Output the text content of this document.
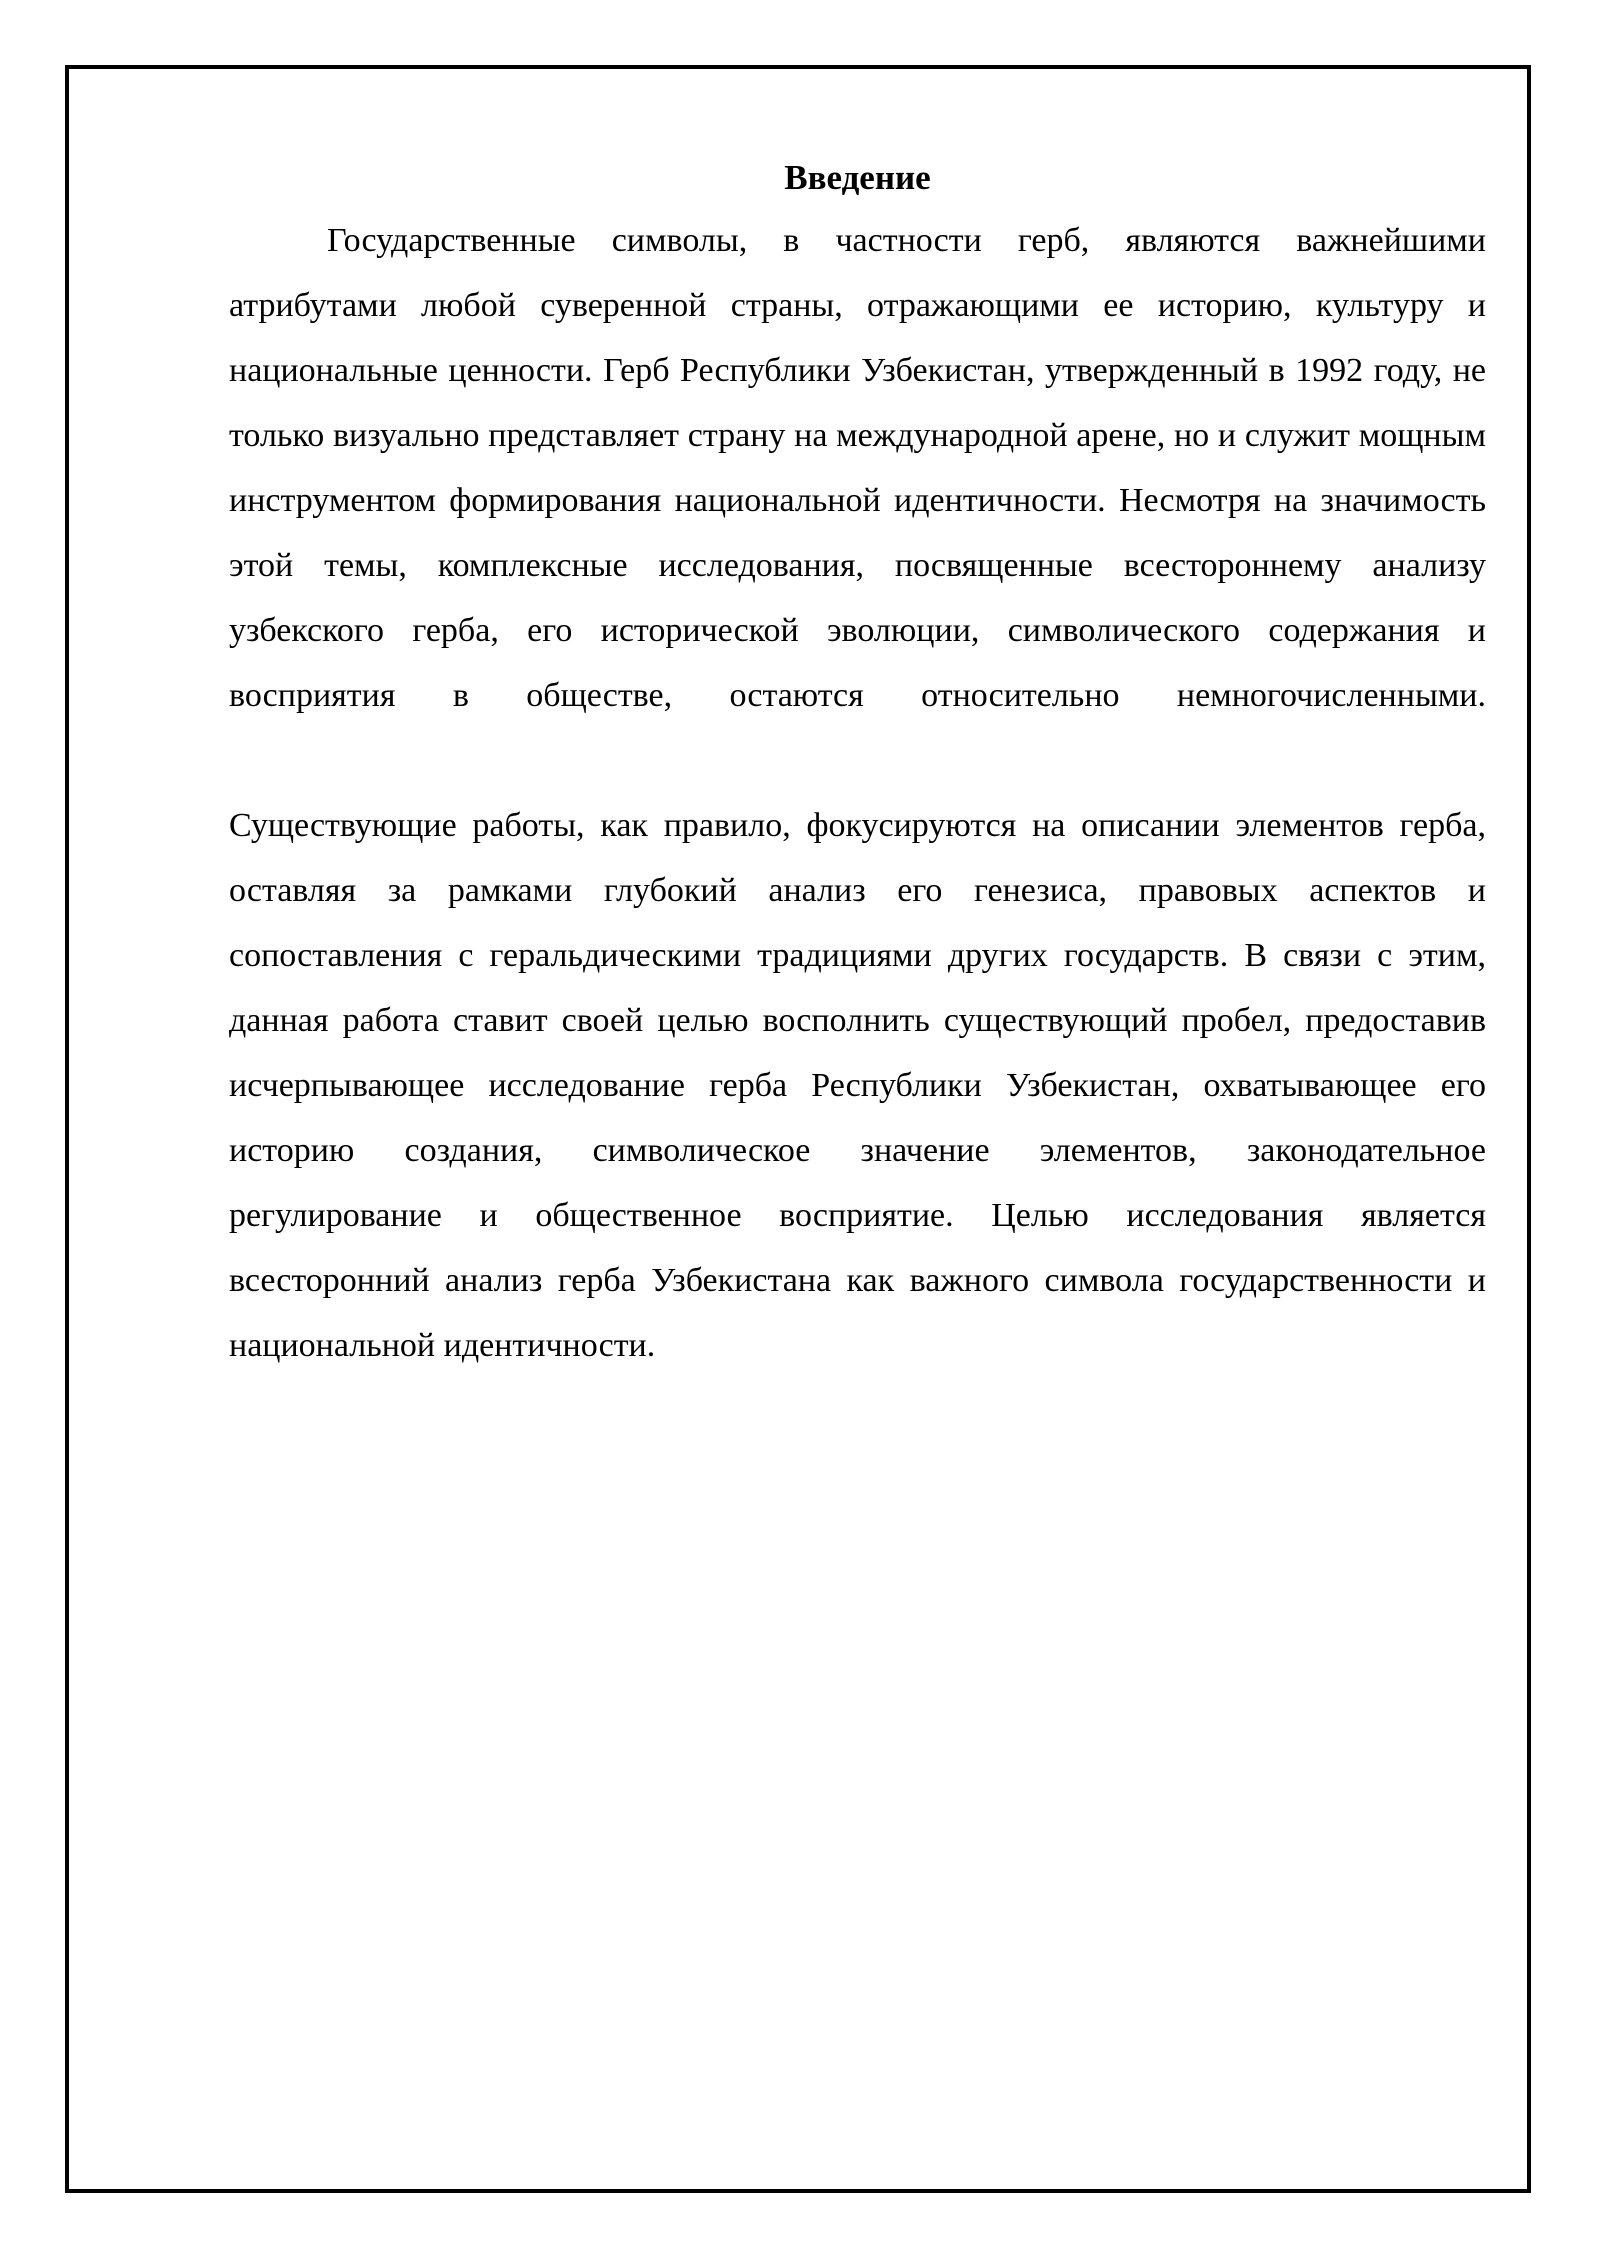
Введение

Государственные символы, в частности герб, являются важнейшими атрибутами любой суверенной страны, отражающими ее историю, культуру и национальные ценности. Герб Республики Узбекистан, утвержденный в 1992 году, не только визуально представляет страну на международной арене, но и служит мощным инструментом формирования национальной идентичности. Несмотря на значимость этой темы, комплексные исследования, посвященные всестороннему анализу узбекского герба, его исторической эволюции, символического содержания и восприятия в обществе, остаются относительно немногочисленными.

Существующие работы, как правило, фокусируются на описании элементов герба, оставляя за рамками глубокий анализ его генезиса, правовых аспектов и сопоставления с геральдическими традициями других государств. В связи с этим, данная работа ставит своей целью восполнить существующий пробел, предоставив исчерпывающее исследование герба Республики Узбекистан, охватывающее его историю создания, символическое значение элементов, законодательное регулирование и общественное восприятие. Целью исследования является всесторонний анализ герба Узбекистана как важного символа государственности и национальной идентичности.
